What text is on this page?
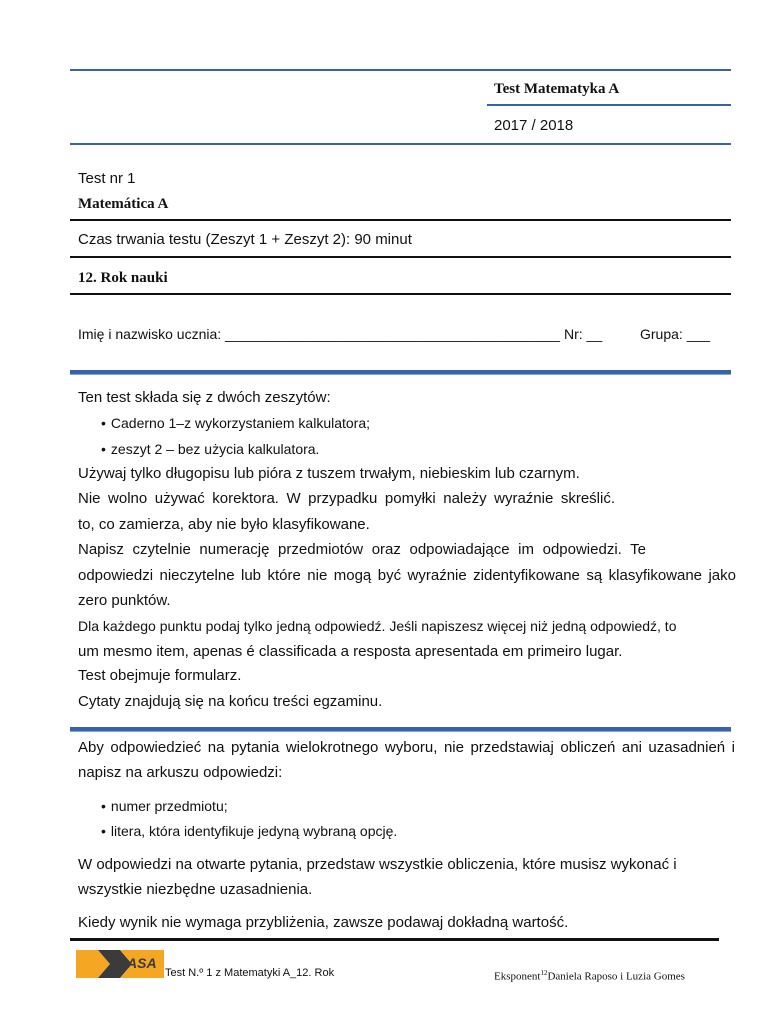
Test Matematyka A
2017 / 2018
Test nr 1
Matemática A
Czas trwania testu (Zeszyt 1 + Zeszyt 2): 90 minut
12. Rok nauki
Imię i nazwisko ucznia: ___________________________________________ Nr: __	Grupa: ___
Ten test składa się z dwóch zeszytów:
• Caderno 1–z wykorzystaniem kalkulatora;
• zeszyt 2 – bez użycia kalkulatora.
Używaj tylko długopisu lub pióra z tuszem trwałym, niebieskim lub czarnym.
Nie wolno używać korektora. W przypadku pomyłki należy wyraźnie skreślić.
to, co zamierza, aby nie było klasyfikowane.
Napisz czytelnie numerację przedmiotów oraz odpowiadające im odpowiedzi. Te
odpowiedzi nieczytelne lub które nie mogą być wyraźnie zidentyfikowane są klasyfikowane jako
zero punktów.
Dla każdego punktu podaj tylko jedną odpowiedź. Jeśli napiszesz więcej niż jedną odpowiedź, to
um mesmo item, apenas é classificada a resposta apresentada em primeiro lugar.
Test obejmuje formularz.
Cytaty znajdują się na końcu treści egzaminu.
Aby odpowiedzieć na pytania wielokrotnego wyboru, nie przedstawiaj obliczeń ani uzasadnień i
napisz na arkuszu odpowiedzi:
• numer przedmiotu;
• litera, która identyfikuje jedyną wybraną opcję.
W odpowiedzi na otwarte pytania, przedstaw wszystkie obliczenia, które musisz wykonać i
wszystkie niezbędne uzasadnienia.
Kiedy wynik nie wymaga przybliżenia, zawsze podawaj dokładną wartość.
ASA
Test N.º 1 z Matematyki A_12. Rok	Eksponent$^{12}$Daniela Raposo i Luzia Gomes
